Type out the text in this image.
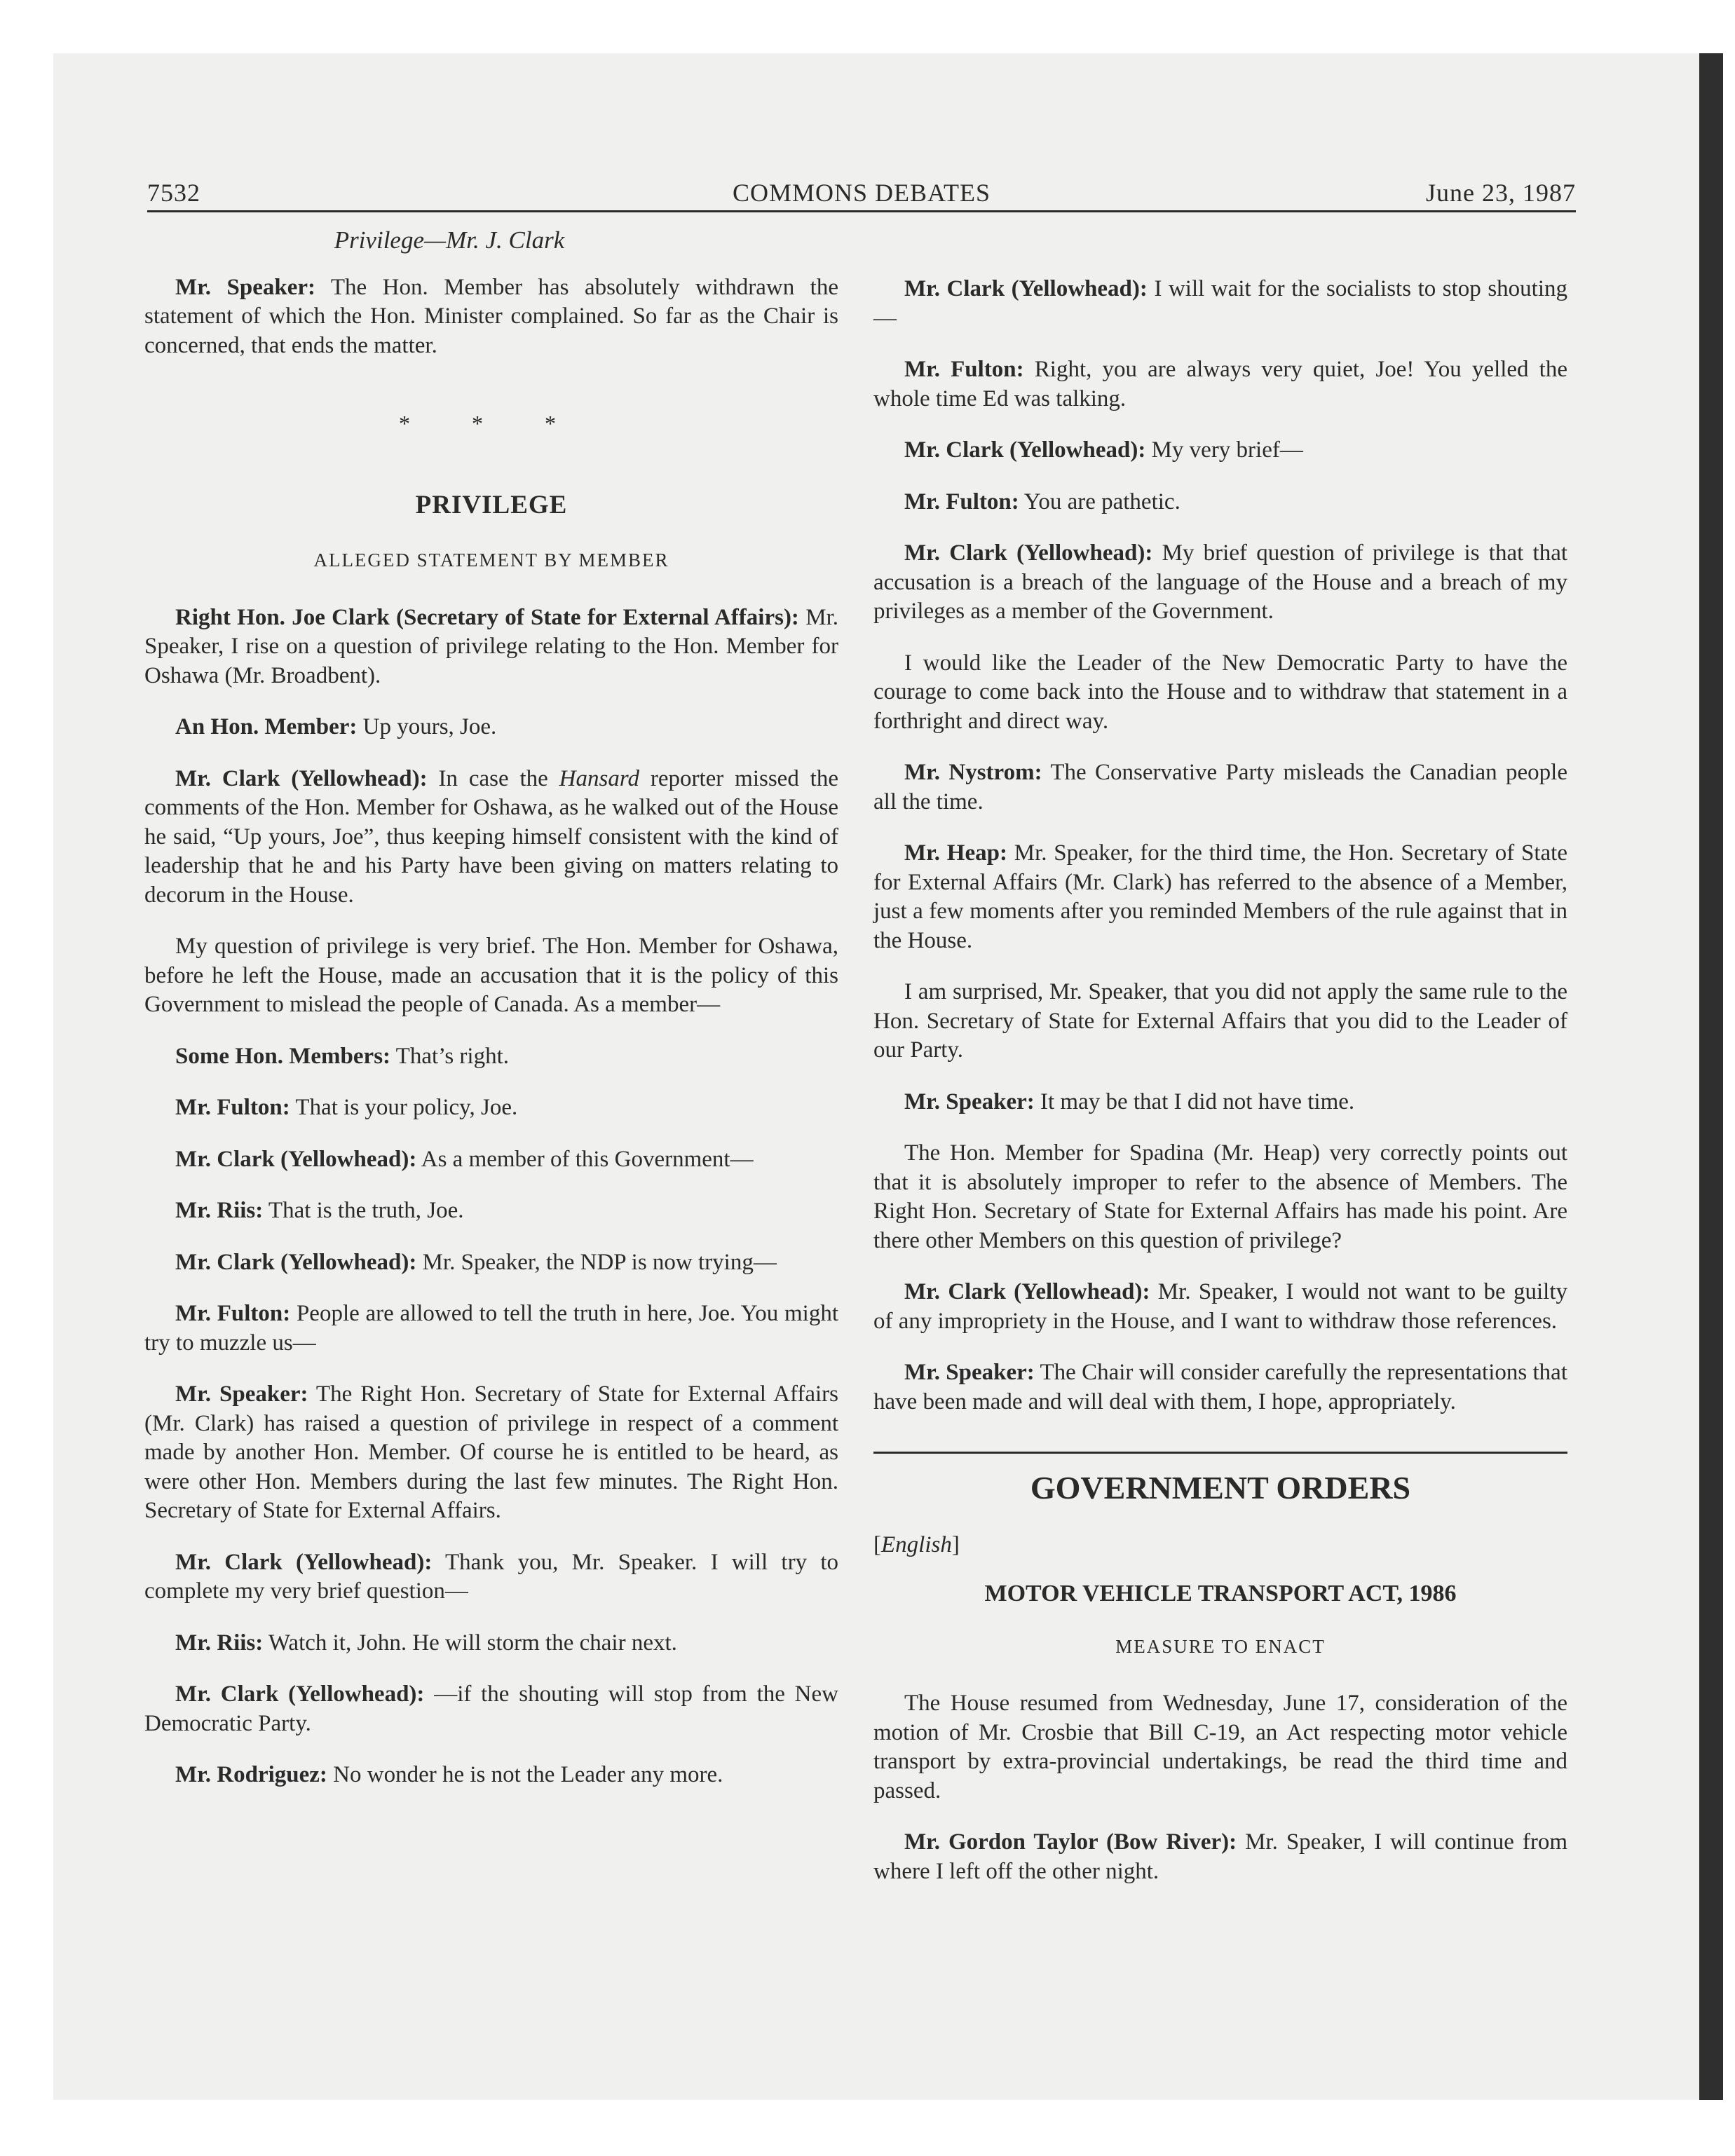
7532	COMMONS DEBATES	June 23, 1987
Privilege—Mr. J. Clark

Mr. Speaker: The Hon. Member has absolutely withdrawn the statement of which the Hon. Minister complained. So far as the Chair is concerned, that ends the matter.

* * *
PRIVILEGE
ALLEGED STATEMENT BY MEMBER

Right Hon. Joe Clark (Secretary of State for External Affairs): Mr. Speaker, I rise on a question of privilege relating to the Hon. Member for Oshawa (Mr. Broadbent).

An Hon. Member: Up yours, Joe.

Mr. Clark (Yellowhead): In case the Hansard reporter missed the comments of the Hon. Member for Oshawa, as he walked out of the House he said, “Up yours, Joe”, thus keeping himself consistent with the kind of leadership that he and his Party have been giving on matters relating to decorum in the House.

My question of privilege is very brief. The Hon. Member for Oshawa, before he left the House, made an accusation that it is the policy of this Government to mislead the people of Canada. As a member—

Some Hon. Members: That’s right.

Mr. Fulton: That is your policy, Joe.

Mr. Clark (Yellowhead): As a member of this Government—

Mr. Riis: That is the truth, Joe.

Mr. Clark (Yellowhead): Mr. Speaker, the NDP is now trying—

Mr. Fulton: People are allowed to tell the truth in here, Joe. You might try to muzzle us—

Mr. Speaker: The Right Hon. Secretary of State for External Affairs (Mr. Clark) has raised a question of privilege in respect of a comment made by another Hon. Member. Of course he is entitled to be heard, as were other Hon. Members during the last few minutes. The Right Hon. Secretary of State for External Affairs.

Mr. Clark (Yellowhead): Thank you, Mr. Speaker. I will try to complete my very brief question—

Mr. Riis: Watch it, John. He will storm the chair next.

Mr. Clark (Yellowhead): —if the shouting will stop from the New Democratic Party.

Mr. Rodriguez: No wonder he is not the Leader any more.

Mr. Clark (Yellowhead): I will wait for the socialists to stop shouting—

Mr. Fulton: Right, you are always very quiet, Joe! You yelled the whole time Ed was talking.

Mr. Clark (Yellowhead): My very brief—

Mr. Fulton: You are pathetic.

Mr. Clark (Yellowhead): My brief question of privilege is that that accusation is a breach of the language of the House and a breach of my privileges as a member of the Government.

I would like the Leader of the New Democratic Party to have the courage to come back into the House and to withdraw that statement in a forthright and direct way.

Mr. Nystrom: The Conservative Party misleads the Canadian people all the time.

Mr. Heap: Mr. Speaker, for the third time, the Hon. Secretary of State for External Affairs (Mr. Clark) has referred to the absence of a Member, just a few moments after you reminded Members of the rule against that in the House.

I am surprised, Mr. Speaker, that you did not apply the same rule to the Hon. Secretary of State for External Affairs that you did to the Leader of our Party.

Mr. Speaker: It may be that I did not have time.

The Hon. Member for Spadina (Mr. Heap) very correctly points out that it is absolutely improper to refer to the absence of Members. The Right Hon. Secretary of State for External Affairs has made his point. Are there other Members on this question of privilege?

Mr. Clark (Yellowhead): Mr. Speaker, I would not want to be guilty of any impropriety in the House, and I want to withdraw those references.

Mr. Speaker: The Chair will consider carefully the representations that have been made and will deal with them, I hope, appropriately.

GOVERNMENT ORDERS
[English]
MOTOR VEHICLE TRANSPORT ACT, 1986
MEASURE TO ENACT

The House resumed from Wednesday, June 17, consideration of the motion of Mr. Crosbie that Bill C-19, an Act respecting motor vehicle transport by extra-provincial undertakings, be read the third time and passed.

Mr. Gordon Taylor (Bow River): Mr. Speaker, I will continue from where I left off the other night.
